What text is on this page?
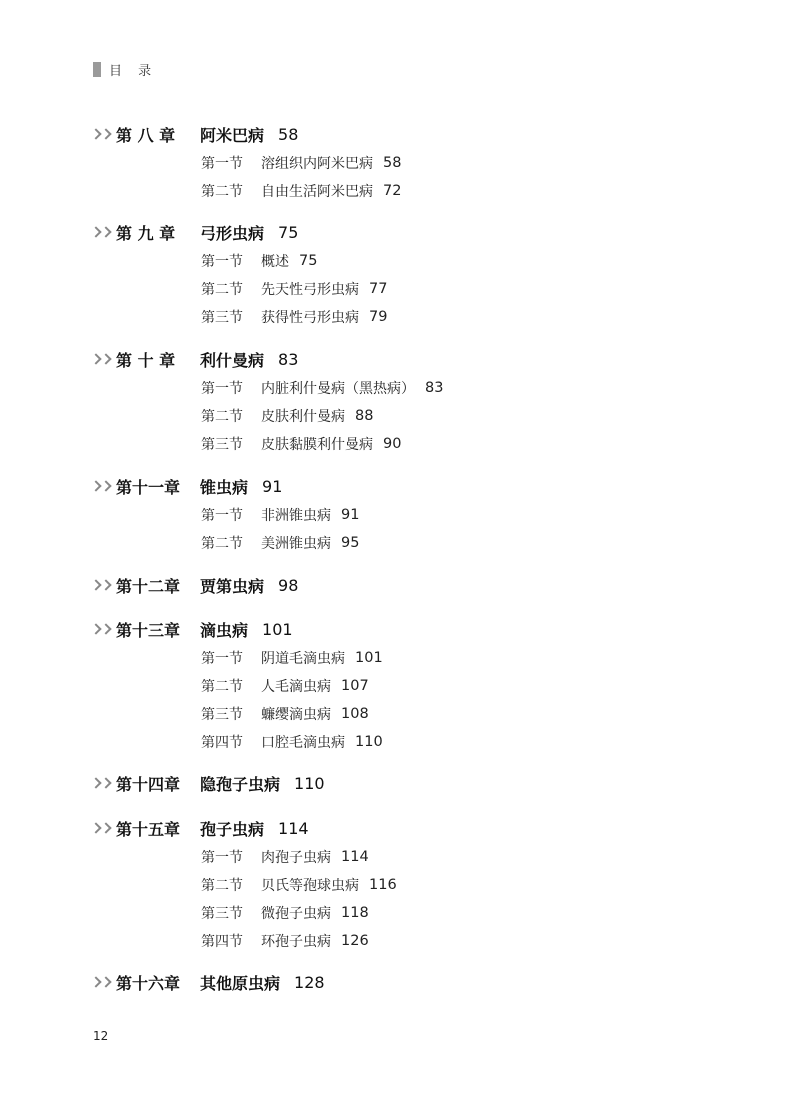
目 录
第 八 章	阿米巴病 58
第一节	溶组织内阿米巴病 58
第二节	自由生活阿米巴病 72
第 九 章	弓形虫病 75
第一节	概述 75
第二节	先天性弓形虫病 77
第三节	获得性弓形虫病 79
第 十 章	利什曼病 83
第一节	内脏利什曼病（黑热病） 83
第二节	皮肤利什曼病 88
第三节	皮肤黏膜利什曼病 90
第十一章	锥虫病 91
第一节	非洲锥虫病 91
第二节	美洲锥虫病 95
第十二章	贾第虫病 98
第十三章	滴虫病 101
第一节	阴道毛滴虫病 101
第二节	人毛滴虫病 107
第三节	蠊缨滴虫病 108
第四节	口腔毛滴虫病 110
第十四章	隐孢子虫病 110
第十五章	孢子虫病 114
第一节	肉孢子虫病 114
第二节	贝氏等孢球虫病 116
第三节	微孢子虫病 118
第四节	环孢子虫病 126
第十六章	其他原虫病 128
12
